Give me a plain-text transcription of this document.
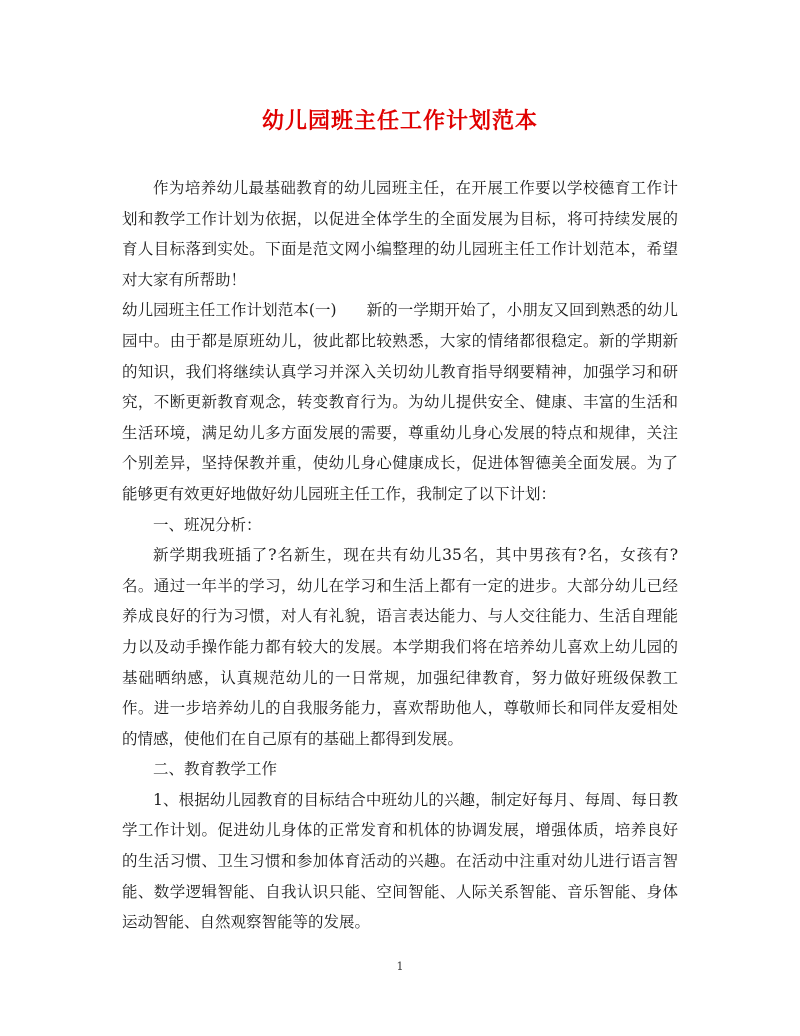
幼儿园班主任工作计划范本

作为培养幼儿最基础教育的幼儿园班主任，在开展工作要以学校德育工作计划和教学工作计划为依据，以促进全体学生的全面发展为目标，将可持续发展的育人目标落到实处。下面是范文网小编整理的幼儿园班主任工作计划范本，希望对大家有所帮助！

幼儿园班主任工作计划范本(一) 新的一学期开始了，小朋友又回到熟悉的幼儿园中。由于都是原班幼儿，彼此都比较熟悉，大家的情绪都很稳定。新的学期新的知识，我们将继续认真学习并深入关切幼儿教育指导纲要精神，加强学习和研究，不断更新教育观念，转变教育行为。为幼儿提供安全、健康、丰富的生活和生活环境，满足幼儿多方面发展的需要，尊重幼儿身心发展的特点和规律，关注个别差异，坚持保教并重，使幼儿身心健康成长，促进体智德美全面发展。为了能够更有效更好地做好幼儿园班主任工作，我制定了以下计划：

一、班况分析：

新学期我班插了?名新生，现在共有幼儿35名，其中男孩有?名，女孩有?名。通过一年半的学习，幼儿在学习和生活上都有一定的进步。大部分幼儿已经养成良好的行为习惯，对人有礼貌，语言表达能力、与人交往能力、生活自理能力以及动手操作能力都有较大的发展。本学期我们将在培养幼儿喜欢上幼儿园的基础晒纳感，认真规范幼儿的一日常规，加强纪律教育，努力做好班级保教工作。进一步培养幼儿的自我服务能力，喜欢帮助他人，尊敬师长和同伴友爱相处的情感，使他们在自己原有的基础上都得到发展。

二、教育教学工作

1、根据幼儿园教育的目标结合中班幼儿的兴趣，制定好每月、每周、每日教学工作计划。促进幼儿身体的正常发育和机体的协调发展，增强体质，培养良好的生活习惯、卫生习惯和参加体育活动的兴趣。在活动中注重对幼儿进行语言智能、数学逻辑智能、自我认识只能、空间智能、人际关系智能、音乐智能、身体运动智能、自然观察智能等的发展。

1
